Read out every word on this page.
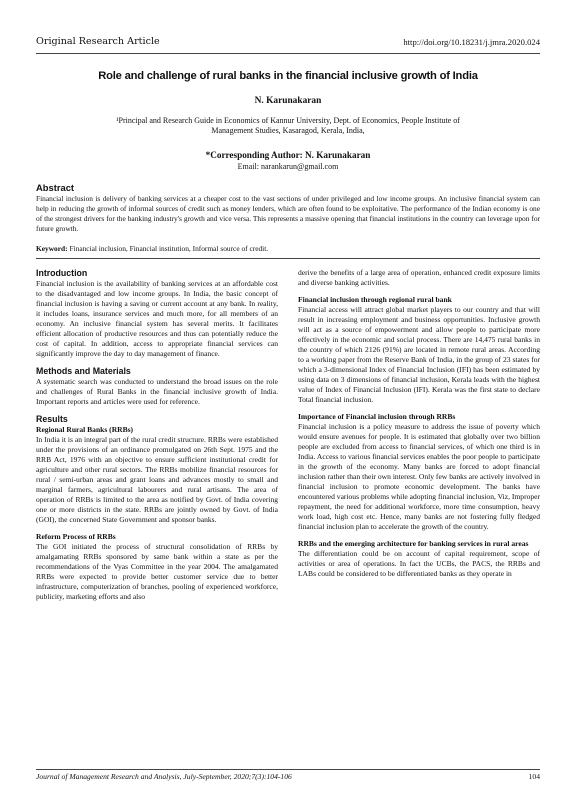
Original Research Article	http://doi.org/10.18231/j.jmra.2020.024
Role and challenge of rural banks in the financial inclusive growth of India
N. Karunakaran
¹Principal and Research Guide in Economics of Kannur University, Dept. of Economics, People Institute of Management Studies, Kasaragod, Kerala, India,
*Corresponding Author: N. Karunakaran
Email: narankarun@gmail.com
Abstract
Financial inclusion is delivery of banking services at a cheaper cost to the vast sections of under privileged and low income groups. An inclusive financial system can help in reducing the growth of informal sources of credit such as money lenders, which are often found to be exploitative. The performance of the Indian economy is one of the strongest drivers for the banking industry's growth and vice versa. This represents a massive opening that financial institutions in the country can leverage upon for future growth.
Keyword: Financial inclusion, Financial institution, Informal source of credit.

Introduction

Financial inclusion is the availability of banking services at an affordable cost to the disadvantaged and low income groups. In India, the basic concept of financial inclusion is having a saving or current account at any bank. In reality, it includes loans, insurance services and much more, for all members of an economy. An inclusive financial system has several merits. It facilitates efficient allocation of productive resources and thus can potentially reduce the cost of capital. In addition, access to appropriate financial services can significantly improve the day to day management of finance.

Methods and Materials

A systematic search was conducted to understand the broad issues on the role and challenges of Rural Banks in the financial inclusive growth of India. Important reports and articles were used for reference.

Results

Regional Rural Banks (RRBs)

In India it is an integral part of the rural credit structure. RRBs were established under the provisions of an ordinance promulgated on 26th Sept. 1975 and the RRB Act, 1976 with an objective to ensure sufficient institutional credit for agriculture and other rural sectors. The RRBs mobilize financial resources for rural / semi-urban areas and grant loans and advances mostly to small and marginal farmers, agricultural labourers and rural artisans. The area of operation of RRBs is limited to the area as notified by Govt. of India covering one or more districts in the state. RRBs are jointly owned by Govt. of India (GOI), the concerned State Government and sponsor banks.

Reform Process of RRBs

The GOI initiated the process of structural consolidation of RRBs by amalgamating RRBs sponsored by same bank within a state as per the recommendations of the Vyas Committee in the year 2004. The amalgamated RRBs were expected to provide better customer service due to better infrastructure, computerization of branches, pooling of experienced workforce, publicity, marketing efforts and also

derive the benefits of a large area of operation, enhanced credit exposure limits and diverse banking activities.

Financial inclusion through regional rural bank

Financial access will attract global market players to our country and that will result in increasing employment and business opportunities. Inclusive growth will act as a source of empowerment and allow people to participate more effectively in the economic and social process. There are 14,475 rural banks in the country of which 2126 (91%) are located in remote rural areas. According to a working paper from the Reserve Bank of India, in the group of 23 states for which a 3-dimensional Index of Financial Inclusion (IFI) has been estimated by using data on 3 dimensions of financial inclusion, Kerala leads with the highest value of Index of Financial Inclusion (IFI). Kerala was the first state to declare Total financial inclusion.

Importance of Financial inclusion through RRBs

Financial inclusion is a policy measure to address the issue of poverty which would ensure avenues for people. It is estimated that globally over two billion people are excluded from access to financial services, of which one third is in India. Access to various financial services enables the poor people to participate in the growth of the economy. Many banks are forced to adopt financial inclusion rather than their own interest. Only few banks are actively involved in financial inclusion to promote economic development. The banks have encountered various problems while adopting financial inclusion, Viz, Improper repayment, the need for additional workforce, more time consumption, heavy work load, high cost etc. Hence, many banks are not fostering fully fledged financial inclusion plan to accelerate the growth of the country.

RRBs and the emerging architecture for banking services in rural areas

The differentiation could be on account of capital requirement, scope of activities or area of operations. In fact the UCBs, the PACS, the RRBs and LABs could be considered to be differentiated banks as they operate in

Journal of Management Research and Analysis, July-September, 2020;7(3):104-106	104
